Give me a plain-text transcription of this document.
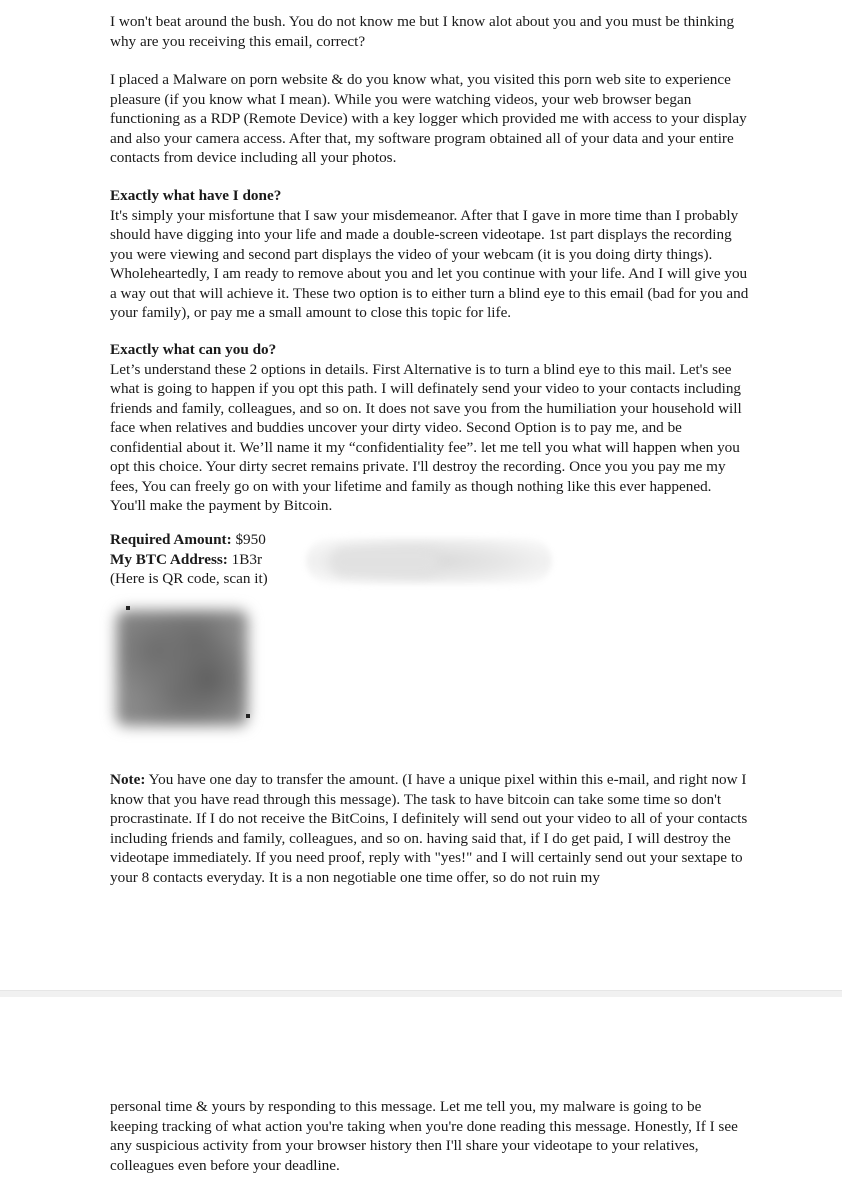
I won't beat around the bush. You do not know me but I know alot about you and you must be thinking why are you receiving this email, correct?

I placed a Malware on porn website & do you know what, you visited this porn web site to experience pleasure (if you know what I mean). While you were watching videos, your web browser began functioning as a RDP (Remote Device) with a key logger which provided me with access to your display and also your camera access. After that, my software program obtained all of your data and your entire contacts from device including all your photos.

Exactly what have I done?

It's simply your misfortune that I saw your misdemeanor. After that I gave in more time than I probably should have digging into your life and made a double-screen videotape. 1st part displays the recording you were viewing and second part displays the video of your webcam (it is you doing dirty things). Wholeheartedly, I am ready to remove about you and let you continue with your life. And I will give you a way out that will achieve it. These two option is to either turn a blind eye to this email (bad for you and your family), or pay me a small amount to close this topic for life.

Exactly what can you do?

Let’s understand these 2 options in details. First Alternative is to turn a blind eye to this mail. Let's see what is going to happen if you opt this path. I will definately send your video to your contacts including friends and family, colleagues, and so on. It does not save you from the humiliation your household will face when relatives and buddies uncover your dirty video. Second Option is to pay me, and be confidential about it. We’ll name it my “confidentiality fee”. let me tell you what will happen when you opt this choice. Your dirty secret remains private. I'll destroy the recording. Once you you pay me my fees, You can freely go on with your lifetime and family as though nothing like this ever happened. You'll make the payment by Bitcoin.

Required Amount: $950

My BTC Address: 1B3r

(Here is QR code, scan it)

Note: You have one day to transfer the amount. (I have a unique pixel within this e-mail, and right now I know that you have read through this message). The task to have bitcoin can take some time so don't procrastinate. If I do not receive the BitCoins, I definitely will send out your video to all of your contacts including friends and family, colleagues, and so on. having said that, if I do get paid, I will destroy the videotape immediately. If you need proof, reply with "yes!" and I will certainly send out your sextape to your 8 contacts everyday. It is a non negotiable one time offer, so do not ruin my

personal time & yours by responding to this message. Let me tell you, my malware is going to be keeping tracking of what action you're taking when you're done reading this message. Honestly, If I see any suspicious activity from your browser history then I'll share your videotape to your relatives, colleagues even before your deadline.
